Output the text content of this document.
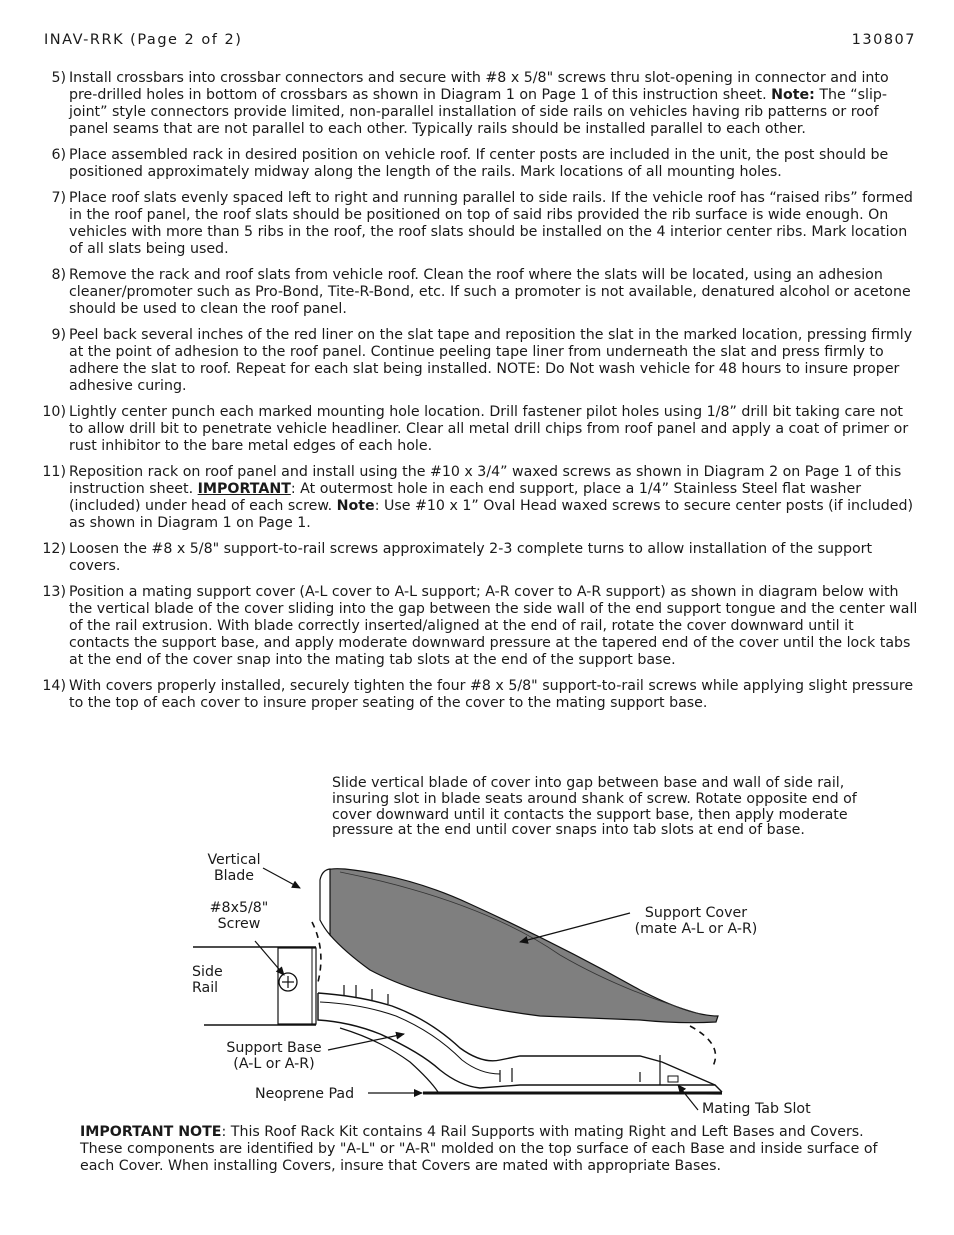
INAV-RRK (Page 2 of 2)	130807
5) Install crossbars into crossbar connectors and secure with #8 x 5/8" screws thru slot-opening in connector and into pre-drilled holes in bottom of crossbars as shown in Diagram 1 on Page 1 of this instruction sheet. Note: The “slip-joint” style connectors provide limited, non-parallel installation of side rails on vehicles having rib patterns or roof panel seams that are not parallel to each other. Typically rails should be installed parallel to each other.
6) Place assembled rack in desired position on vehicle roof. If center posts are included in the unit, the post should be positioned approximately midway along the length of the rails. Mark locations of all mounting holes.
7) Place roof slats evenly spaced left to right and running parallel to side rails. If the vehicle roof has “raised ribs” formed in the roof panel, the roof slats should be positioned on top of said ribs provided the rib surface is wide enough. On vehicles with more than 5 ribs in the roof, the roof slats should be installed on the 4 interior center ribs. Mark location of all slats being used.
8) Remove the rack and roof slats from vehicle roof. Clean the roof where the slats will be located, using an adhesion cleaner/promoter such as Pro-Bond, Tite-R-Bond, etc. If such a promoter is not available, denatured alcohol or acetone should be used to clean the roof panel.
9) Peel back several inches of the red liner on the slat tape and reposition the slat in the marked location, pressing firmly at the point of adhesion to the roof panel. Continue peeling tape liner from underneath the slat and press firmly to adhere the slat to roof. Repeat for each slat being installed. NOTE: Do Not wash vehicle for 48 hours to insure proper adhesive curing.
10) Lightly center punch each marked mounting hole location. Drill fastener pilot holes using 1/8” drill bit taking care not to allow drill bit to penetrate vehicle headliner. Clear all metal drill chips from roof panel and apply a coat of primer or rust inhibitor to the bare metal edges of each hole.
11) Reposition rack on roof panel and install using the #10 x 3/4” waxed screws as shown in Diagram 2 on Page 1 of this instruction sheet. IMPORTANT: At outermost hole in each end support, place a 1/4” Stainless Steel flat washer (included) under head of each screw. Note: Use #10 x 1” Oval Head waxed screws to secure center posts (if included) as shown in Diagram 1 on Page 1.
12) Loosen the #8 x 5/8" support-to-rail screws approximately 2-3 complete turns to allow installation of the support covers.
13) Position a mating support cover (A-L cover to A-L support; A-R cover to A-R support) as shown in diagram below with the vertical blade of the cover sliding into the gap between the side wall of the end support tongue and the center wall of the rail extrusion. With blade correctly inserted/aligned at the end of rail, rotate the cover downward until it contacts the support base, and apply moderate downward pressure at the tapered end of the cover until the lock tabs at the end of the cover snap into the mating tab slots at the end of the support base.
14) With covers properly installed, securely tighten the four #8 x 5/8" support-to-rail screws while applying slight pressure to the top of each cover to insure proper seating of the cover to the mating support base.
Slide vertical blade of cover into gap between base and wall of side rail, insuring slot in blade seats around shank of screw. Rotate opposite end of cover downward until it contacts the support base, then apply moderate pressure at the end until cover snaps into tab slots at end of base.
Vertical Blade
#8x5/8" Screw
Side Rail
Support Cover (mate A-L or A-R)
Support Base (A-L or A-R)
Neoprene Pad
Mating Tab Slot
IMPORTANT NOTE: This Roof Rack Kit contains 4 Rail Supports with mating Right and Left Bases and Covers. These components are identified by "A-L" or "A-R" molded on the top surface of each Base and inside surface of each Cover. When installing Covers, insure that Covers are mated with appropriate Bases.
